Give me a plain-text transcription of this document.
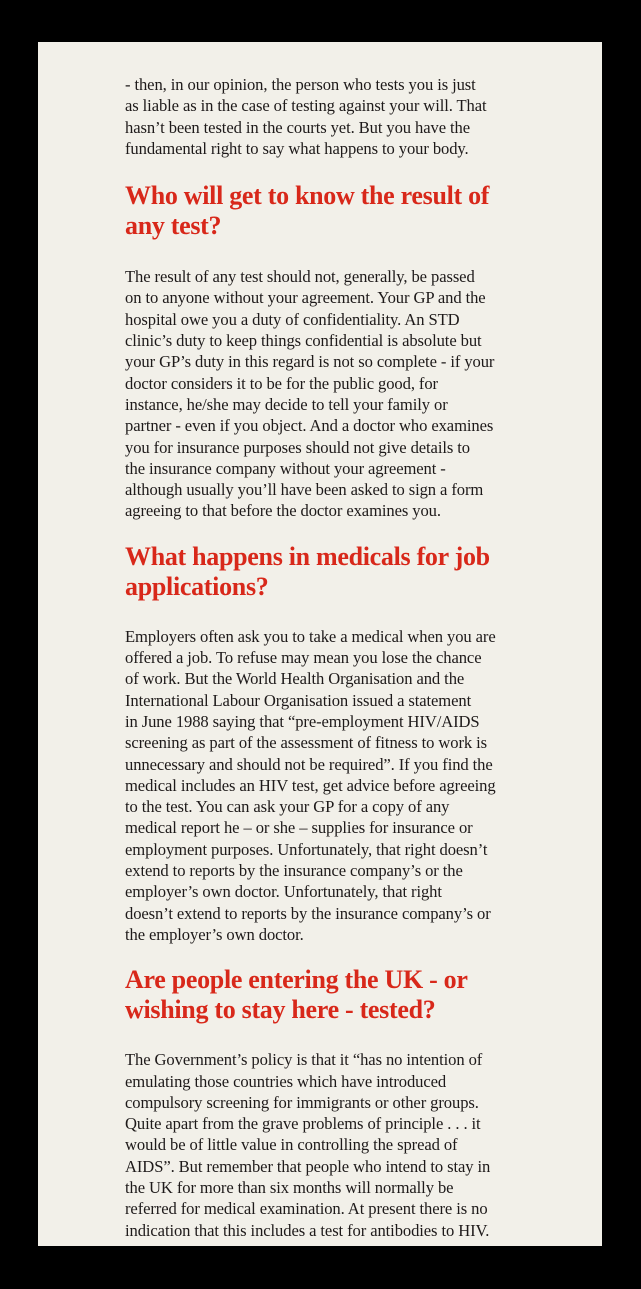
- then, in our opinion, the person who tests you is just
as liable as in the case of testing against your will. That
hasn’t been tested in the courts yet. But you have the
fundamental right to say what happens to your body.

Who will get to know the result of
any test?

The result of any test should not, generally, be passed
on to anyone without your agreement. Your GP and the
hospital owe you a duty of confidentiality. An STD
clinic’s duty to keep things confidential is absolute but
your GP’s duty in this regard is not so complete - if your
doctor considers it to be for the public good, for
instance, he/she may decide to tell your family or
partner - even if you object. And a doctor who examines
you for insurance purposes should not give details to
the insurance company without your agreement -
although usually you’ll have been asked to sign a form
agreeing to that before the doctor examines you.

What happens in medicals for job
applications?

Employers often ask you to take a medical when you are
offered a job. To refuse may mean you lose the chance
of work. But the World Health Organisation and the
International Labour Organisation issued a statement
in June 1988 saying that “pre-employment HIV/AIDS
screening as part of the assessment of fitness to work is
unnecessary and should not be required”. If you find the
medical includes an HIV test, get advice before agreeing
to the test. You can ask your GP for a copy of any
medical report he – or she – supplies for insurance or
employment purposes. Unfortunately, that right doesn’t
extend to reports by the insurance company’s or the
employer’s own doctor. Unfortunately, that right
doesn’t extend to reports by the insurance company’s or
the employer’s own doctor.

Are people entering the UK - or
wishing to stay here - tested?

The Government’s policy is that it “has no intention of
emulating those countries which have introduced
compulsory screening for immigrants or other groups.
Quite apart from the grave problems of principle . . . it
would be of little value in controlling the spread of
AIDS”. But remember that people who intend to stay in
the UK for more than six months will normally be
referred for medical examination. At present there is no
indication that this includes a test for antibodies to HIV.
